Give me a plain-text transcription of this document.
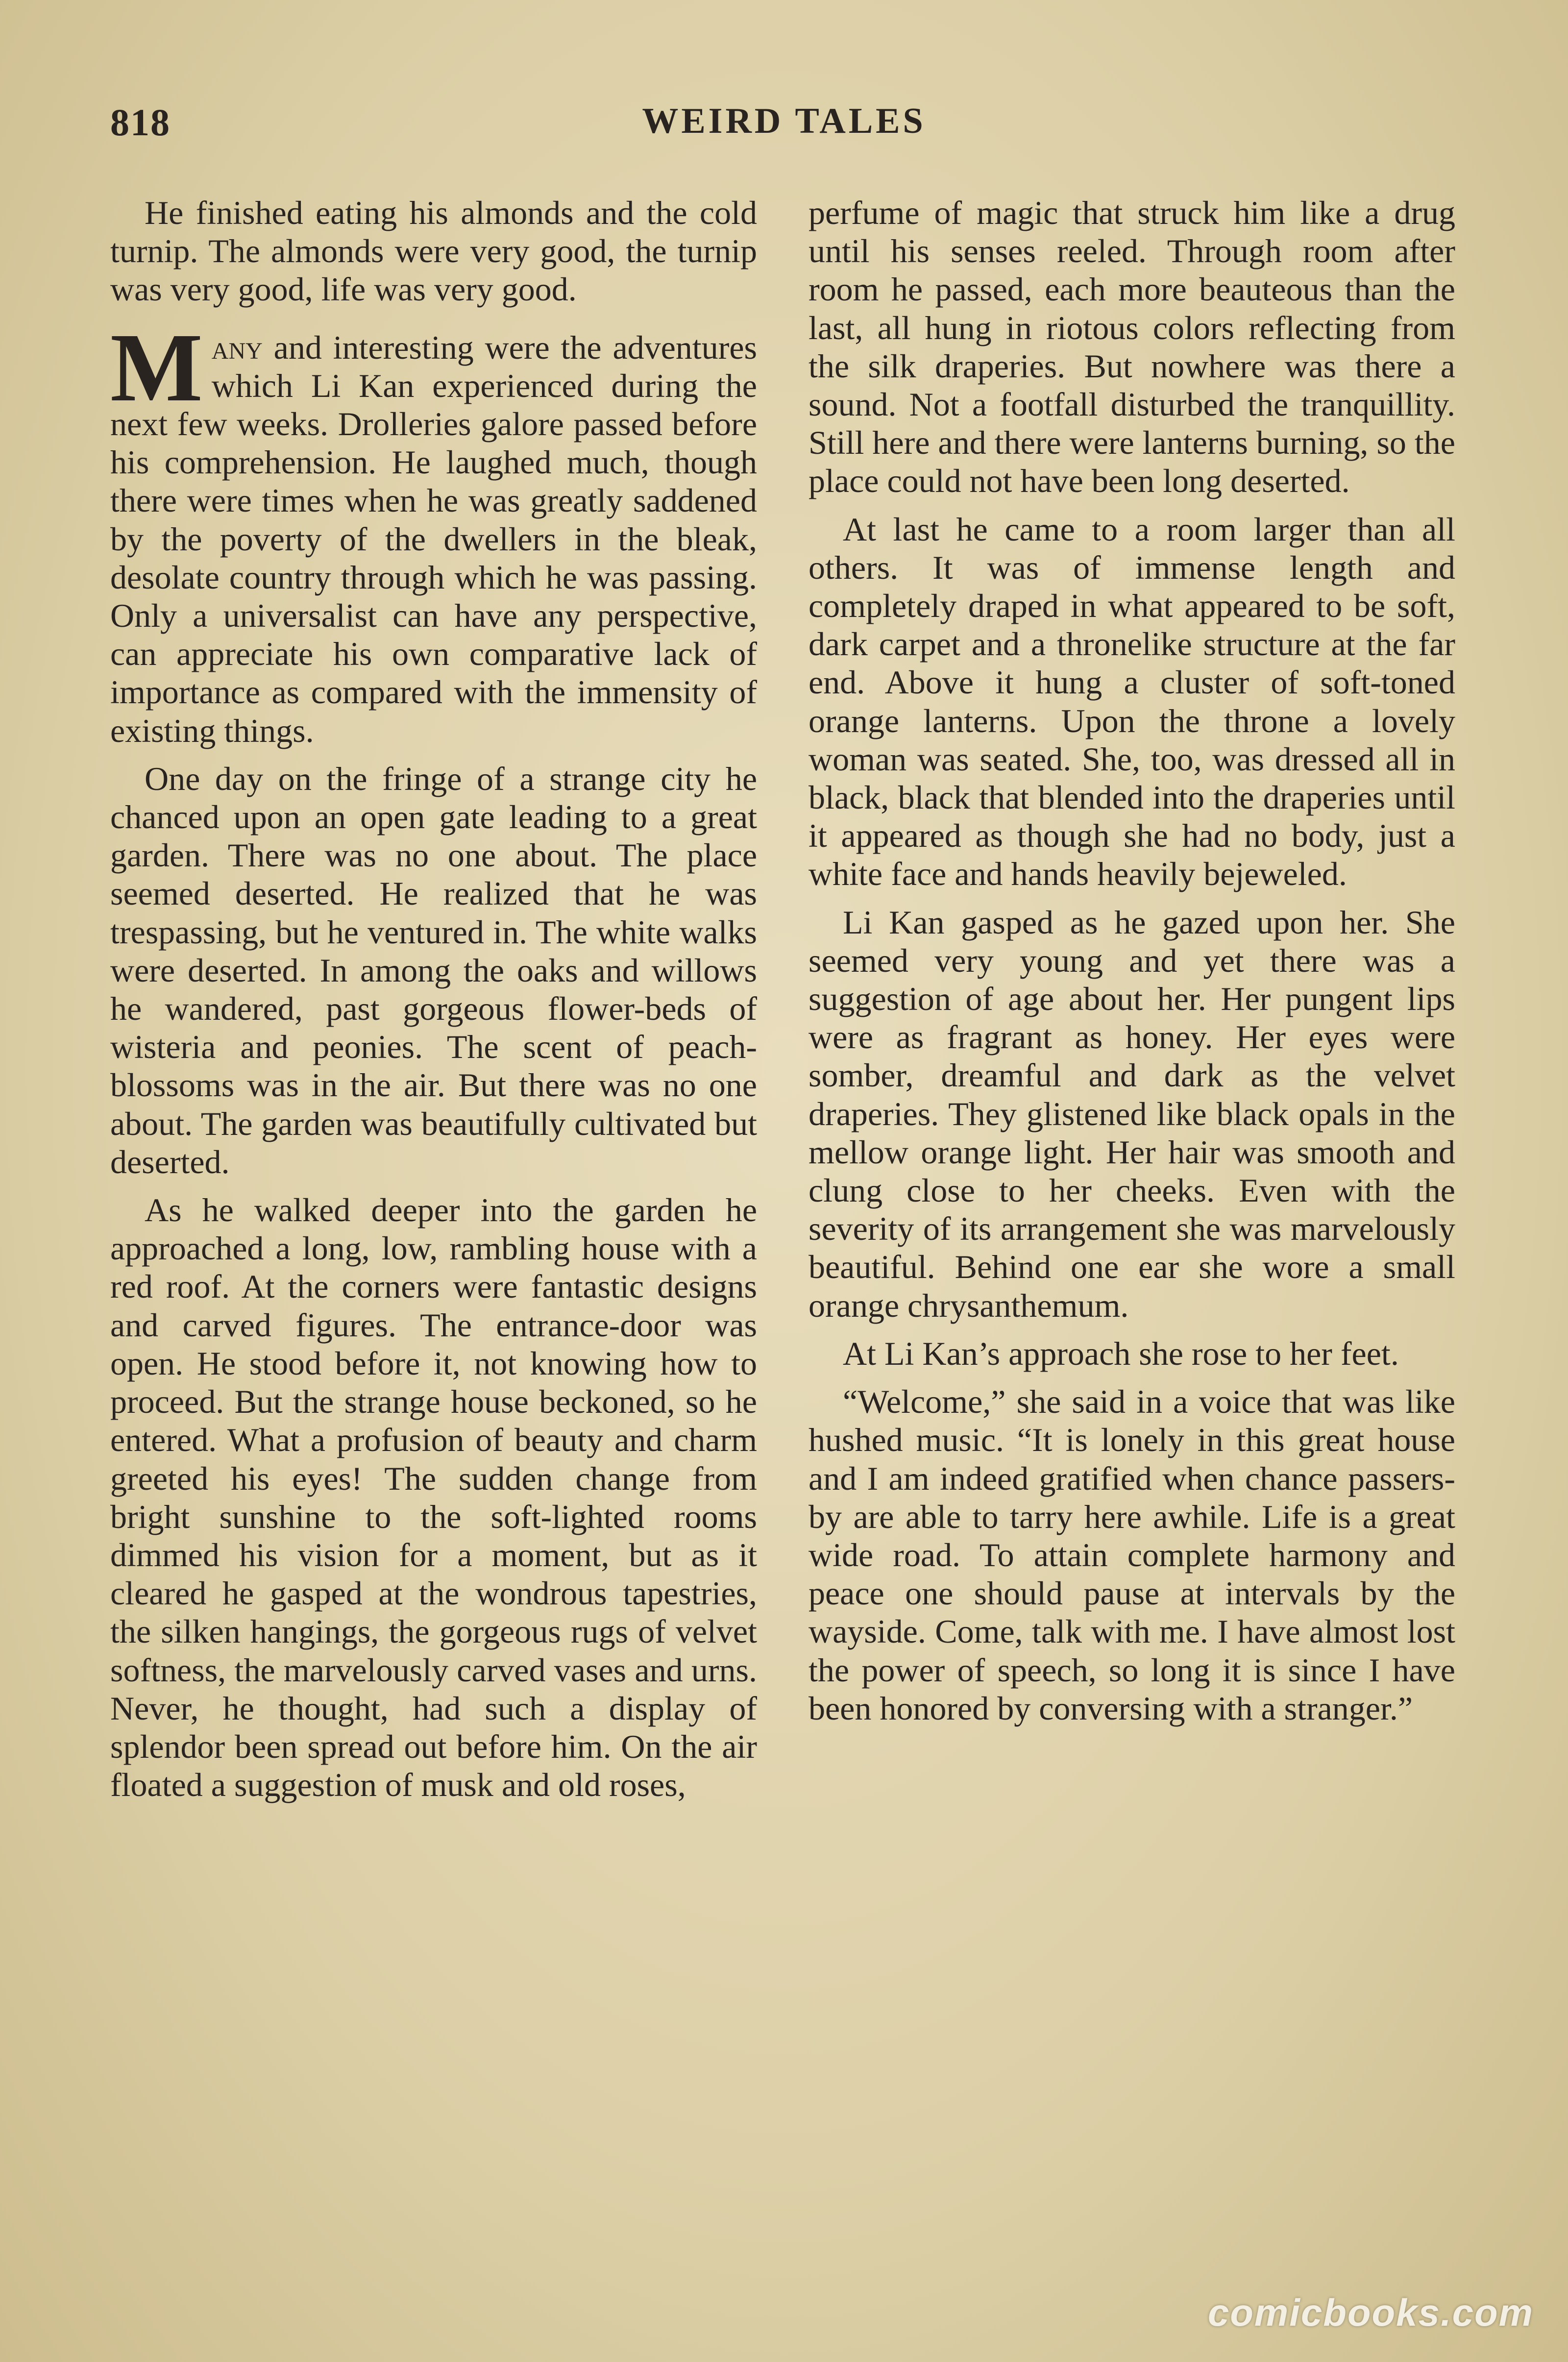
818	WEIRD TALES

He finished eating his almonds and the cold turnip. The almonds were very good, the turnip was very good, life was very good.

Many and interesting were the adventures which Li Kan experienced during the next few weeks. Drolleries galore passed before his comprehension. He laughed much, though there were times when he was greatly saddened by the poverty of the dwellers in the bleak, desolate country through which he was passing. Only a universalist can have any perspective, can appreciate his own comparative lack of importance as compared with the immensity of existing things.

One day on the fringe of a strange city he chanced upon an open gate leading to a great garden. There was no one about. The place seemed deserted. He realized that he was trespassing, but he ventured in. The white walks were deserted. In among the oaks and willows he wandered, past gorgeous flower-beds of wisteria and peonies. The scent of peach-blossoms was in the air. But there was no one about. The garden was beautifully cultivated but deserted.

As he walked deeper into the garden he approached a long, low, rambling house with a red roof. At the corners were fantastic designs and carved figures. The entrance-door was open. He stood before it, not knowing how to proceed. But the strange house beckoned, so he entered. What a profusion of beauty and charm greeted his eyes! The sudden change from bright sunshine to the soft-lighted rooms dimmed his vision for a moment, but as it cleared he gasped at the wondrous tapestries, the silken hangings, the gorgeous rugs of velvet softness, the marvelously carved vases and urns. Never, he thought, had such a display of splendor been spread out before him. On the air floated a suggestion of musk and old roses,

perfume of magic that struck him like a drug until his senses reeled. Through room after room he passed, each more beauteous than the last, all hung in riotous colors reflecting from the silk draperies. But nowhere was there a sound. Not a footfall disturbed the tranquillity. Still here and there were lanterns burning, so the place could not have been long deserted.

At last he came to a room larger than all others. It was of immense length and completely draped in what appeared to be soft, dark carpet and a thronelike structure at the far end. Above it hung a cluster of soft-toned orange lanterns. Upon the throne a lovely woman was seated. She, too, was dressed all in black, black that blended into the draperies until it appeared as though she had no body, just a white face and hands heavily bejeweled.

Li Kan gasped as he gazed upon her. She seemed very young and yet there was a suggestion of age about her. Her pungent lips were as fragrant as honey. Her eyes were somber, dreamful and dark as the velvet draperies. They glistened like black opals in the mellow orange light. Her hair was smooth and clung close to her cheeks. Even with the severity of its arrangement she was marvelously beautiful. Behind one ear she wore a small orange chrysanthemum.

At Li Kan’s approach she rose to her feet.

“Welcome,” she said in a voice that was like hushed music. “It is lonely in this great house and I am indeed gratified when chance passers-by are able to tarry here awhile. Life is a great wide road. To attain complete harmony and peace one should pause at intervals by the wayside. Come, talk with me. I have almost lost the power of speech, so long it is since I have been honored by conversing with a stranger.”

comicbooks.com
